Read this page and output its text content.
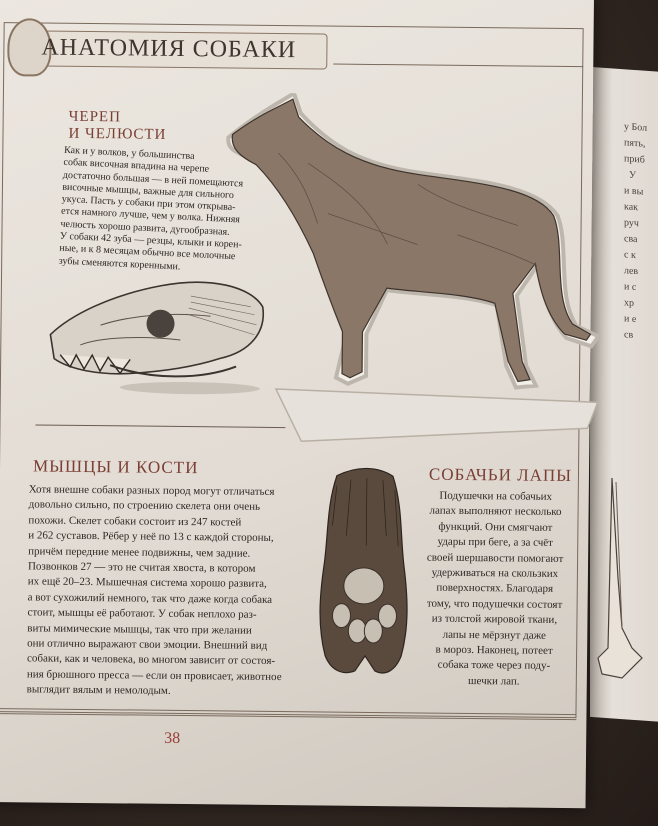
у Бол
пять,
приб
У
и вы
как
руч
сва
с к
лев
и с
хр
и е
св
АНАТОМИЯ СОБАКИ
ЧЕРЕП
И ЧЕЛЮСТИ
Как и у волков, у большинства
собак височная впадина на черепе
достаточно большая — в ней помещаются
височные мышцы, важные для сильного
укуса. Пасть у собаки при этом открыва-
ется намного лучше, чем у волка. Нижняя
челюсть хорошо развита, дугообразная.
У собаки 42 зуба — резцы, клыки и корен-
ные, и к 8 месяцам обычно все молочные
зубы сменяются коренными.
МЫШЦЫ И КОСТИ
Хотя внешне собаки разных пород могут отличаться
довольно сильно, по строению скелета они очень
похожи. Скелет собаки состоит из 247 костей
и 262 суставов. Рёбер у неё по 13 с каждой стороны,
причём передние менее подвижны, чем задние.
Позвонков 27 — это не считая хвоста, в котором
их ещё 20–23. Мышечная система хорошо развита,
а вот сухожилий немного, так что даже когда собака
стоит, мышцы её работают. У собак неплохо раз-
виты мимические мышцы, так что при желании
они отлично выражают свои эмоции. Внешний вид
собаки, как и человека, во многом зависит от состоя-
ния брюшного пресса — если он провисает, животное
выглядит вялым и немолодым.
СОБАЧЬИ ЛАПЫ
Подушечки на собачьих
лапах выполняют несколько
функций. Они смягчают
удары при беге, а за счёт
своей шершавости помогают
удерживаться на скользких
поверхностях. Благодаря
тому, что подушечки состоят
из толстой жировой ткани,
лапы не мёрзнут даже
в мороз. Наконец, потеет
собака тоже через поду-
шечки лап.
38
